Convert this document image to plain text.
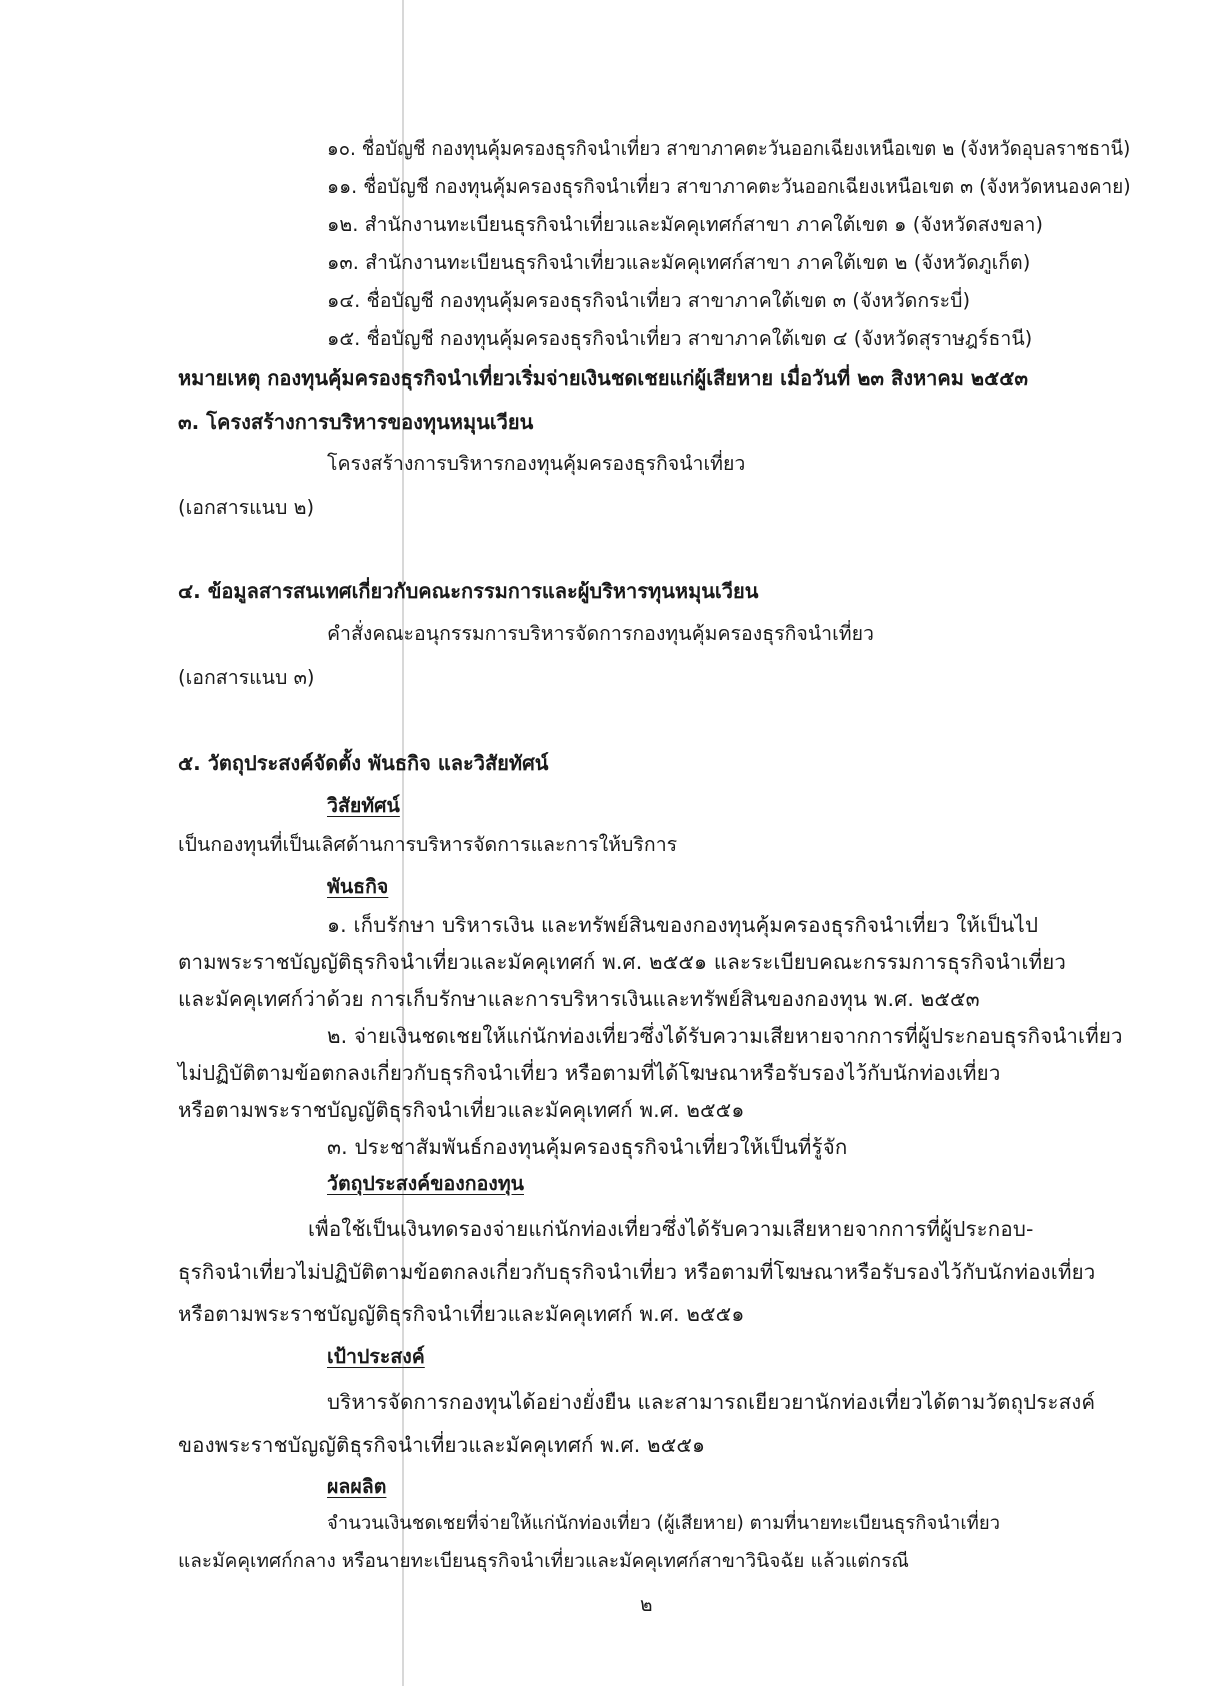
๑๐. ชื่อบัญชี กองทุนคุ้มครองธุรกิจนำเที่ยว สาขาภาคตะวันออกเฉียงเหนือเขต ๒ (จังหวัดอุบลราชธานี)
๑๑. ชื่อบัญชี กองทุนคุ้มครองธุรกิจนำเที่ยว สาขาภาคตะวันออกเฉียงเหนือเขต ๓ (จังหวัดหนองคาย)
๑๒. สำนักงานทะเบียนธุรกิจนำเที่ยวและมัคคุเทศก์สาขา ภาคใต้เขต ๑ (จังหวัดสงขลา)
๑๓. สำนักงานทะเบียนธุรกิจนำเที่ยวและมัคคุเทศก์สาขา ภาคใต้เขต ๒ (จังหวัดภูเก็ต)
๑๔. ชื่อบัญชี กองทุนคุ้มครองธุรกิจนำเที่ยว สาขาภาคใต้เขต ๓ (จังหวัดกระบี่)
๑๕. ชื่อบัญชี กองทุนคุ้มครองธุรกิจนำเที่ยว สาขาภาคใต้เขต ๔ (จังหวัดสุราษฎร์ธานี)
หมายเหตุ กองทุนคุ้มครองธุรกิจนำเที่ยวเริ่มจ่ายเงินชดเชยแก่ผู้เสียหาย เมื่อวันที่ ๒๓ สิงหาคม ๒๕๕๓
๓. โครงสร้างการบริหารของทุนหมุนเวียน
โครงสร้างการบริหารกองทุนคุ้มครองธุรกิจนำเที่ยว
(เอกสารแนบ ๒)
๔. ข้อมูลสารสนเทศเกี่ยวกับคณะกรรมการและผู้บริหารทุนหมุนเวียน
คำสั่งคณะอนุกรรมการบริหารจัดการกองทุนคุ้มครองธุรกิจนำเที่ยว
(เอกสารแนบ ๓)
๕. วัตถุประสงค์จัดตั้ง พันธกิจ และวิสัยทัศน์
วิสัยทัศน์
เป็นกองทุนที่เป็นเลิศด้านการบริหารจัดการและการให้บริการ
พันธกิจ
๑. เก็บรักษา บริหารเงิน และทรัพย์สินของกองทุนคุ้มครองธุรกิจนำเที่ยว ให้เป็นไป
ตามพระราชบัญญัติธุรกิจนำเที่ยวและมัคคุเทศก์ พ.ศ. ๒๕๕๑ และระเบียบคณะกรรมการธุรกิจนำเที่ยว
และมัคคุเทศก์ว่าด้วย การเก็บรักษาและการบริหารเงินและทรัพย์สินของกองทุน พ.ศ. ๒๕๕๓
๒. จ่ายเงินชดเชยให้แก่นักท่องเที่ยวซึ่งได้รับความเสียหายจากการที่ผู้ประกอบธุรกิจนำเที่ยว
ไม่ปฏิบัติตามข้อตกลงเกี่ยวกับธุรกิจนำเที่ยว หรือตามที่ได้โฆษณาหรือรับรองไว้กับนักท่องเที่ยว
หรือตามพระราชบัญญัติธุรกิจนำเที่ยวและมัคคุเทศก์ พ.ศ. ๒๕๕๑
๓. ประชาสัมพันธ์กองทุนคุ้มครองธุรกิจนำเที่ยวให้เป็นที่รู้จัก
วัตถุประสงค์ของกองทุน
เพื่อใช้เป็นเงินทดรองจ่ายแก่นักท่องเที่ยวซึ่งได้รับความเสียหายจากการที่ผู้ประกอบ-
ธุรกิจนำเที่ยวไม่ปฏิบัติตามข้อตกลงเกี่ยวกับธุรกิจนำเที่ยว หรือตามที่โฆษณาหรือรับรองไว้กับนักท่องเที่ยว
หรือตามพระราชบัญญัติธุรกิจนำเที่ยวและมัคคุเทศก์ พ.ศ. ๒๕๕๑
เป้าประสงค์
บริหารจัดการกองทุนได้อย่างยั่งยืน และสามารถเยียวยานักท่องเที่ยวได้ตามวัตถุประสงค์
ของพระราชบัญญัติธุรกิจนำเที่ยวและมัคคุเทศก์ พ.ศ. ๒๕๕๑
ผลผลิต
จำนวนเงินชดเชยที่จ่ายให้แก่นักท่องเที่ยว (ผู้เสียหาย) ตามที่นายทะเบียนธุรกิจนำเที่ยว
และมัคคุเทศก์กลาง หรือนายทะเบียนธุรกิจนำเที่ยวและมัคคุเทศก์สาขาวินิจฉัย แล้วแต่กรณี
๒
